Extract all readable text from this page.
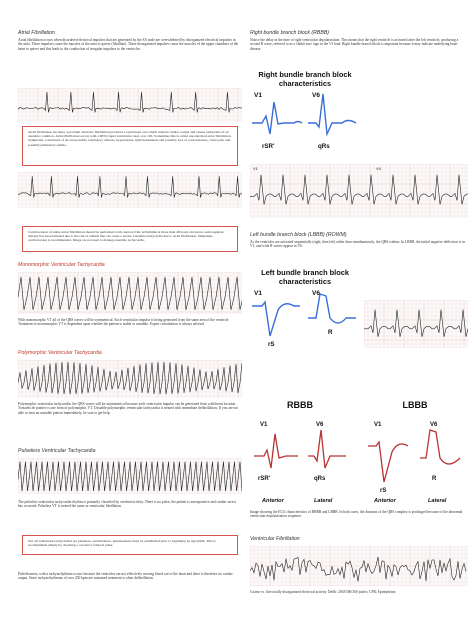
Atrial Fibrillation
Atrial fibrillation occurs when disordered electrical impulses that are generated by the SA node are overwhelmed by disorganized electrical impulses in the atria. These impulses cause the muscles of the atria to quiver (fibrillate). These disorganized impulses cause the muscles of the upper chambers of the heart to quiver and this leads to the conduction of irregular impulses to the ventricles.
Atrial fibrillation becomes a problem when the fibrillation produces a rapid heart rate which reduces cardiac output and causes symptoms of an unstable condition. Atrial fibrillation occurs with a RVR (rapid ventricular rate) over 100. Sometimes this is called uncontrolled atrial fibrillation. Symptoms: a shortness of air and possibly respiratory distress, hypotension, light headedness and possibly loss of consciousness, chest pain, and possibly pulmonary edema.
Cardioversion of stable atrial fibrillation should be performed with caution if the arrhythmia is more than 48 hours old and no anticoagulant therapy has been initiated due to the risk of emboli that can cause a stroke. Unstable tachycardia due to atrial fibrillation: immediate cardioversion is recommended. Drugs are not used to manage unstable tachycardia.
Monomorphic Ventricular Tachycardia
With monomorphic VT all of the QRS waves will be symmetrical. Each ventricular impulse is being generated from the same area of the ventricle. Treatment of monomorphic VT is dependent upon whether the patient is stable or unstable. Expert consultation is always advised.
Polymorphic Ventricular Tachycardia
Polymorphic ventricular tachycardia: the QRS waves will be asymmetrical because each ventricular impulse can be generated from a different location. Torsades de pointes is one form of polymorphic VT. Unstable polymorphic ventricular tachycardia is treated with immediate defibrillation. If you are not able to treat an unstable patient immediately, be sure to get help.
Pulseless Ventricular Tachycardia
The pulseless ventricular tachycardia rhythm is primarily classified by cerebral activity. There is no pulse, the patient is unresponsive and cardiac arrest has occurred. Pulseless VT is treated the same as ventricular fibrillation.
Not all ventricular tachycardias are pulseless, and therefore, pulselessness must be established prior to beginning an algorithm. This is accomplished simply by checking a carotid or femoral pulse.
Pulselessness, with a tachyarrhythmia occurs because the ventricles are not effectively moving blood out of the heart and there is therefore no cardiac output. Since tachyarrhythmias of over 250 bpm are sustained treatment is often defibrillation.
Right bundle branch block (RBBB)
Notice the delay in the time of right ventricular depolarization. This means that the right ventricle is activated after the left ventricle, producing a second R wave, referred to as a 'rabbit ears' sign in the V1 lead. Right bundle branch block is important because it may indicate underlying heart disease.
Right bundle branch block
characteristics
V1	V6
rSR'	qRs
V1	V4
Left bundle branch block (LBBB) (ROWM)
As the ventricles are activated sequentially (right, then left) rather than simultaneously, the QRS widens. In LBBB, the initial negative deflection is in V1, and wide R waves appear in V6.
Left bundle branch block
characteristics
V1	V6
rS
R
RBBB	LBBB
V1	V6	V1	V6
rSR'	qRs
rS
R
Anterior	Lateral	Anterior	Lateral
Image showing the ECG characteristics of RBBB and LBBB. In both cases, the duration of the QRS complex is prolonged because of the abnormal ventricular depolarization sequence.
Ventricular Fibrillation
Coarse vs. fine totally disorganized electrical activity. Defib: 200J/300/360 joules; CPR; Epinephrine.
